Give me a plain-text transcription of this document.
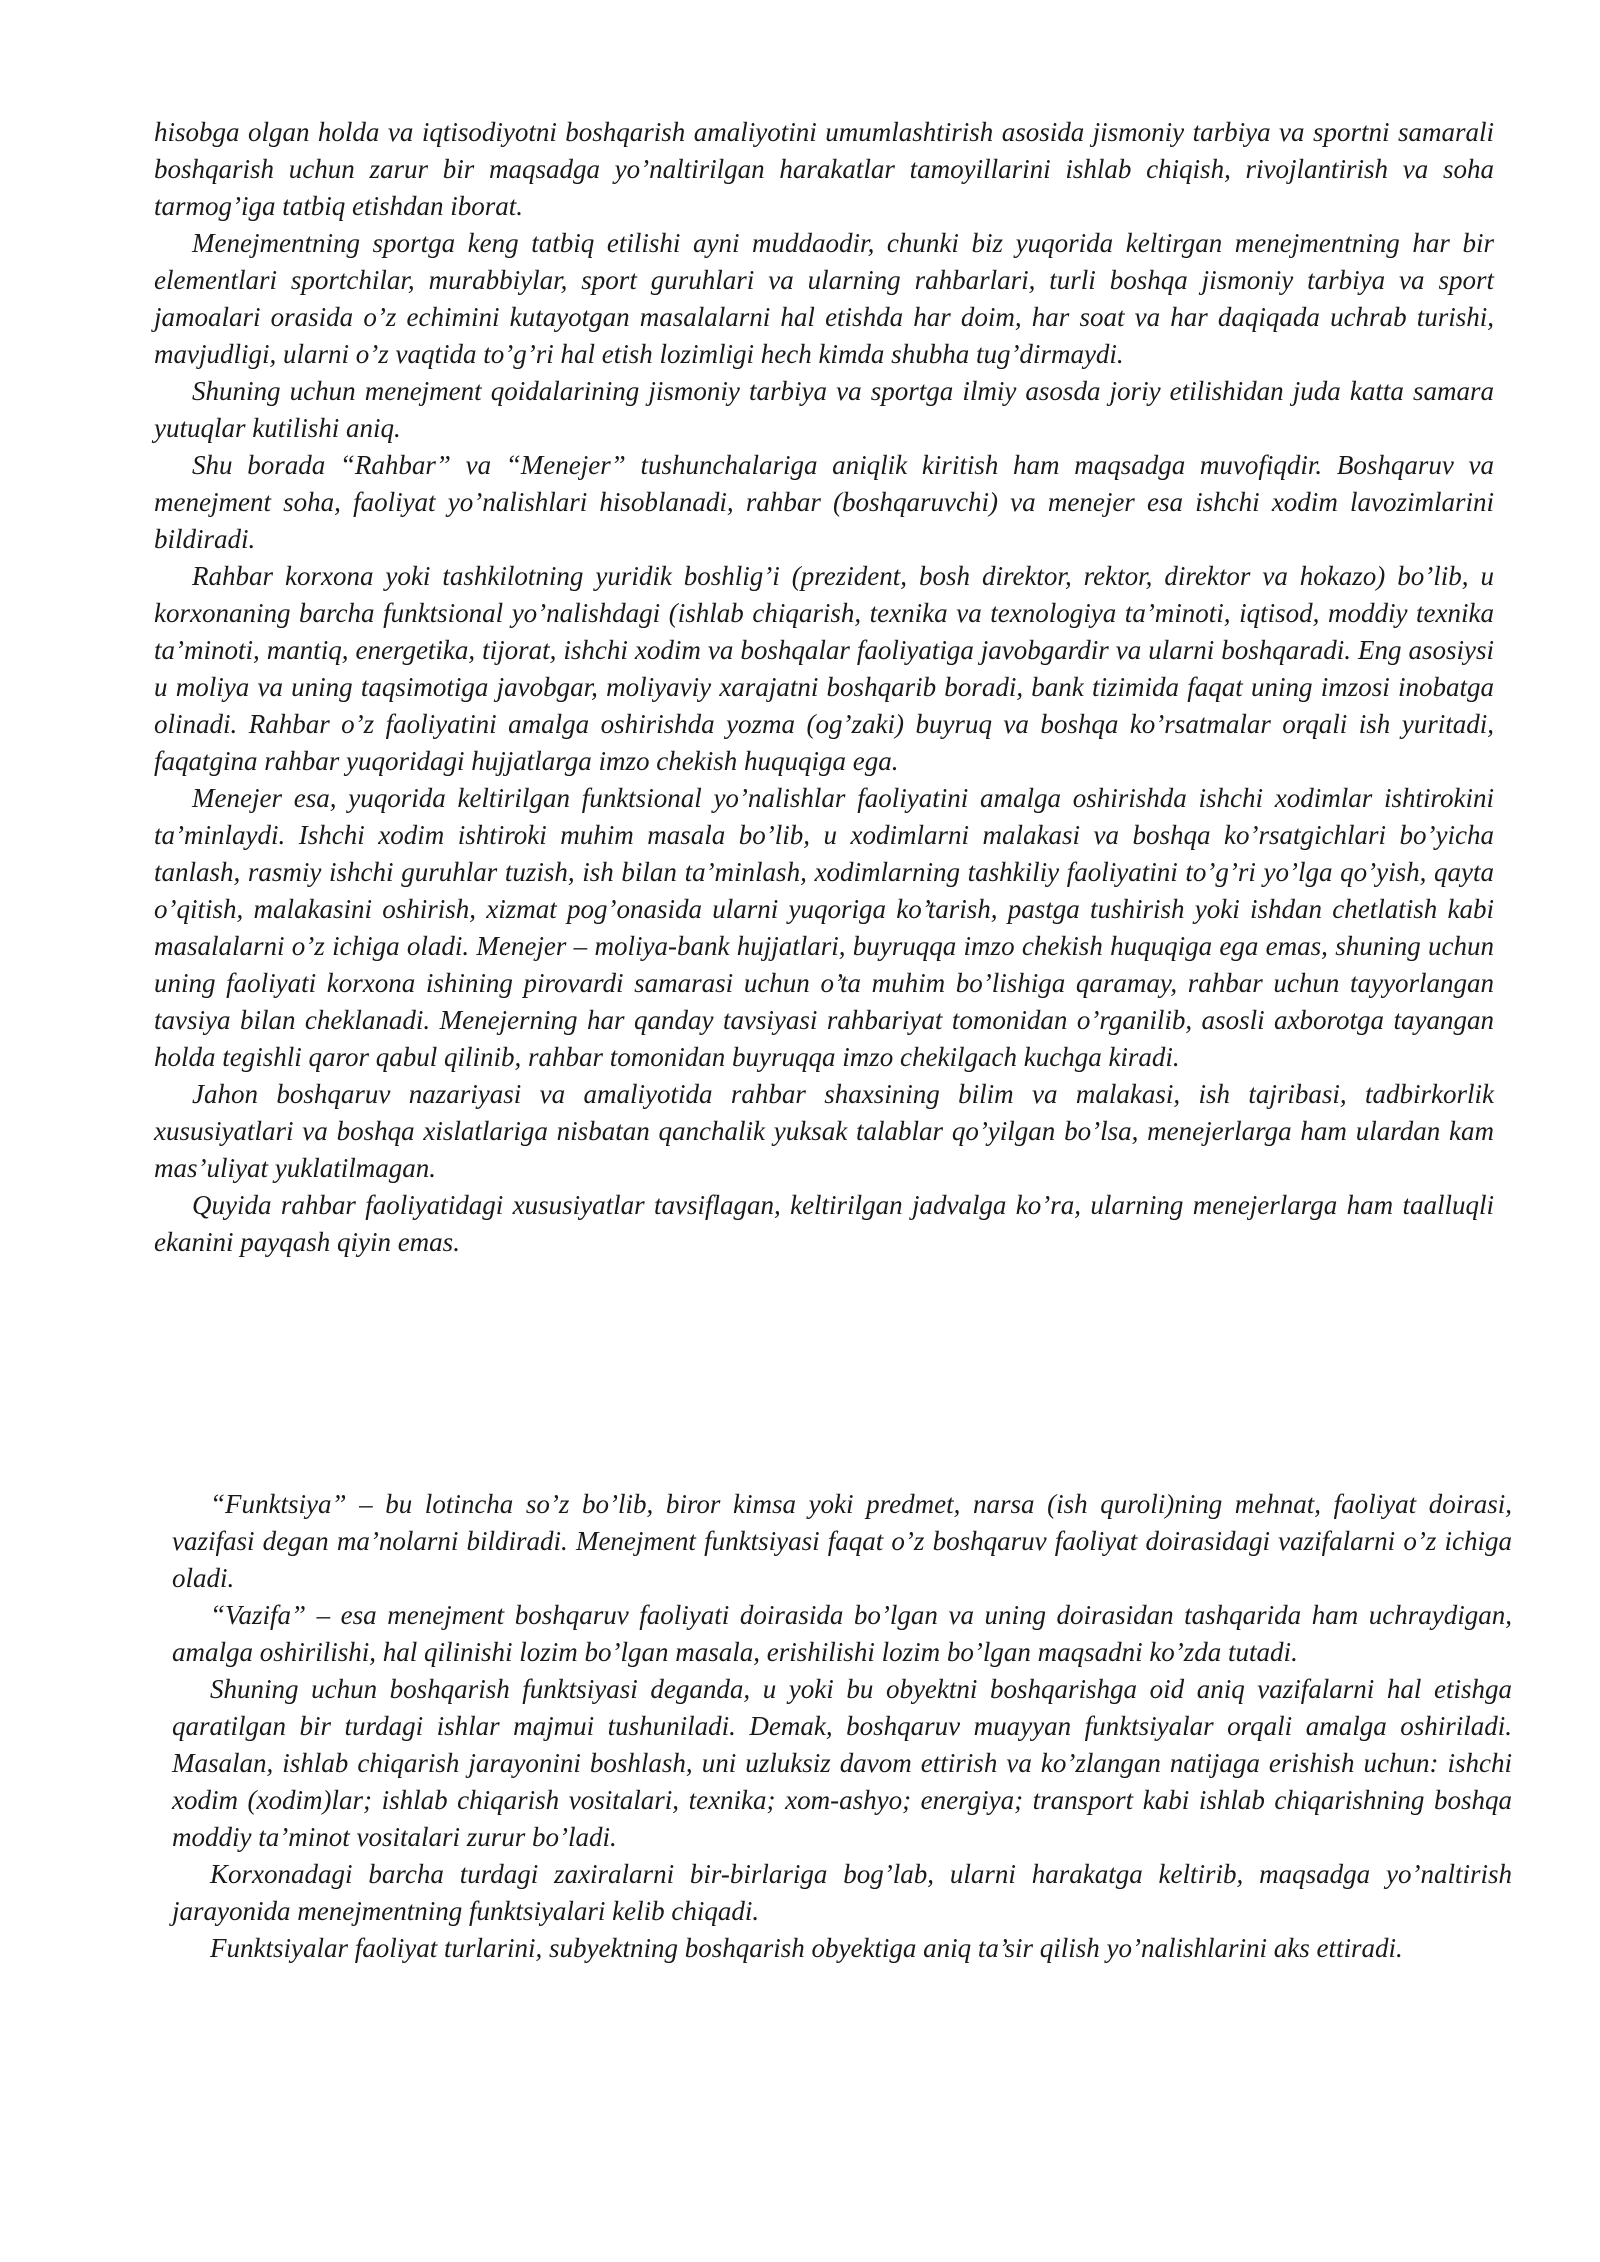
hisobga olgan holda va iqtisodiyotni boshqarish amaliyotini umumlashtirish asosida jismoniy tarbiya va sportni samarali boshqarish uchun zarur bir maqsadga yo’naltirilgan harakatlar tamoyillarini ishlab chiqish, rivojlantirish va soha tarmog’iga tatbiq etishdan iborat.

Menejmentning sportga keng tatbiq etilishi ayni muddaodir, chunki biz yuqorida keltirgan menejmentning har bir elementlari sportchilar, murabbiylar, sport guruhlari va ularning rahbarlari, turli boshqa jismoniy tarbiya va sport jamoalari orasida o’z echimini kutayotgan masalalarni hal etishda har doim, har soat va har daqiqada uchrab turishi, mavjudligi, ularni o’z vaqtida to’g’ri hal etish lozimligi hech kimda shubha tug’dirmaydi.

Shuning uchun menejment qoidalarining jismoniy tarbiya va sportga ilmiy asosda joriy etilishidan juda katta samara yutuqlar kutilishi aniq.

Shu borada “Rahbar” va “Menejer” tushunchalariga aniqlik kiritish ham maqsadga muvofiqdir. Boshqaruv va menejment soha, faoliyat yo’nalishlari hisoblanadi, rahbar (boshqaruvchi) va menejer esa ishchi xodim lavozimlarini bildiradi.

Rahbar korxona yoki tashkilotning yuridik boshlig’i (prezident, bosh direktor, rektor, direktor va hokazo) bo’lib, u korxonaning barcha funktsional yo’nalishdagi (ishlab chiqarish, texnika va texnologiya ta’minoti, iqtisod, moddiy texnika ta’minoti, mantiq, energetika, tijorat, ishchi xodim va boshqalar faoliyatiga javobgardir va ularni boshqaradi. Eng asosiysi u moliya va uning taqsimotiga javobgar, moliyaviy xarajatni boshqarib boradi, bank tizimida faqat uning imzosi inobatga olinadi. Rahbar o’z faoliyatini amalga oshirishda yozma (og’zaki) buyruq va boshqa ko’rsatmalar orqali ish yuritadi, faqatgina rahbar yuqoridagi hujjatlarga imzo chekish huquqiga ega.

Menejer esa, yuqorida keltirilgan funktsional yo’nalishlar faoliyatini amalga oshirishda ishchi xodimlar ishtirokini ta’minlaydi. Ishchi xodim ishtiroki muhim masala bo’lib, u xodimlarni malakasi va boshqa ko’rsatgichlari bo’yicha tanlash, rasmiy ishchi guruhlar tuzish, ish bilan ta’minlash, xodimlarning tashkiliy faoliyatini to’g’ri yo’lga qo’yish, qayta o’qitish, malakasini oshirish, xizmat pog’onasida ularni yuqoriga ko’tarish, pastga tushirish yoki ishdan chetlatish kabi masalalarni o’z ichiga oladi. Menejer – moliya-bank hujjatlari, buyruqqa imzo chekish huquqiga ega emas, shuning uchun uning faoliyati korxona ishining pirovardi samarasi uchun o’ta muhim bo’lishiga qaramay, rahbar uchun tayyorlangan tavsiya bilan cheklanadi. Menejerning har qanday tavsiyasi rahbariyat tomonidan o’rganilib, asosli axborotga tayangan holda tegishli qaror qabul qilinib, rahbar tomonidan buyruqqa imzo chekilgach kuchga kiradi.

Jahon boshqaruv nazariyasi va amaliyotida rahbar shaxsining bilim va malakasi, ish tajribasi, tadbirkorlik xususiyatlari va boshqa xislatlariga nisbatan qanchalik yuksak talablar qo’yilgan bo’lsa, menejerlarga ham ulardan kam mas’uliyat yuklatilmagan.

Quyida rahbar faoliyatidagi xususiyatlar tavsiflagan, keltirilgan jadvalga ko’ra, ularning menejerlarga ham taalluqli ekanini payqash qiyin emas.

“Funktsiya” – bu lotincha so’z bo’lib, biror kimsa yoki predmet, narsa (ish quroli)ning mehnat, faoliyat doirasi, vazifasi degan ma’nolarni bildiradi. Menejment funktsiyasi faqat o’z boshqaruv faoliyat doirasidagi vazifalarni o’z ichiga oladi.

“Vazifa” – esa menejment boshqaruv faoliyati doirasida bo’lgan va uning doirasidan tashqarida ham uchraydigan, amalga oshirilishi, hal qilinishi lozim bo’lgan masala, erishilishi lozim bo’lgan maqsadni ko’zda tutadi.

Shuning uchun boshqarish funktsiyasi deganda, u yoki bu obyektni boshqarishga oid aniq vazifalarni hal etishga qaratilgan bir turdagi ishlar majmui tushuniladi. Demak, boshqaruv muayyan funktsiyalar orqali amalga oshiriladi. Masalan, ishlab chiqarish jarayonini boshlash, uni uzluksiz davom ettirish va ko’zlangan natijaga erishish uchun: ishchi xodim (xodim)lar; ishlab chiqarish vositalari, texnika; xom-ashyo; energiya; transport kabi ishlab chiqarishning boshqa moddiy ta’minot vositalari zurur bo’ladi.

Korxonadagi barcha turdagi zaxiralarni bir-birlariga bog’lab, ularni harakatga keltirib, maqsadga yo’naltirish jarayonida menejmentning funktsiyalari kelib chiqadi.

Funktsiyalar faoliyat turlarini, subyektning boshqarish obyektiga aniq ta’sir qilish yo’nalishlarini aks ettiradi.
